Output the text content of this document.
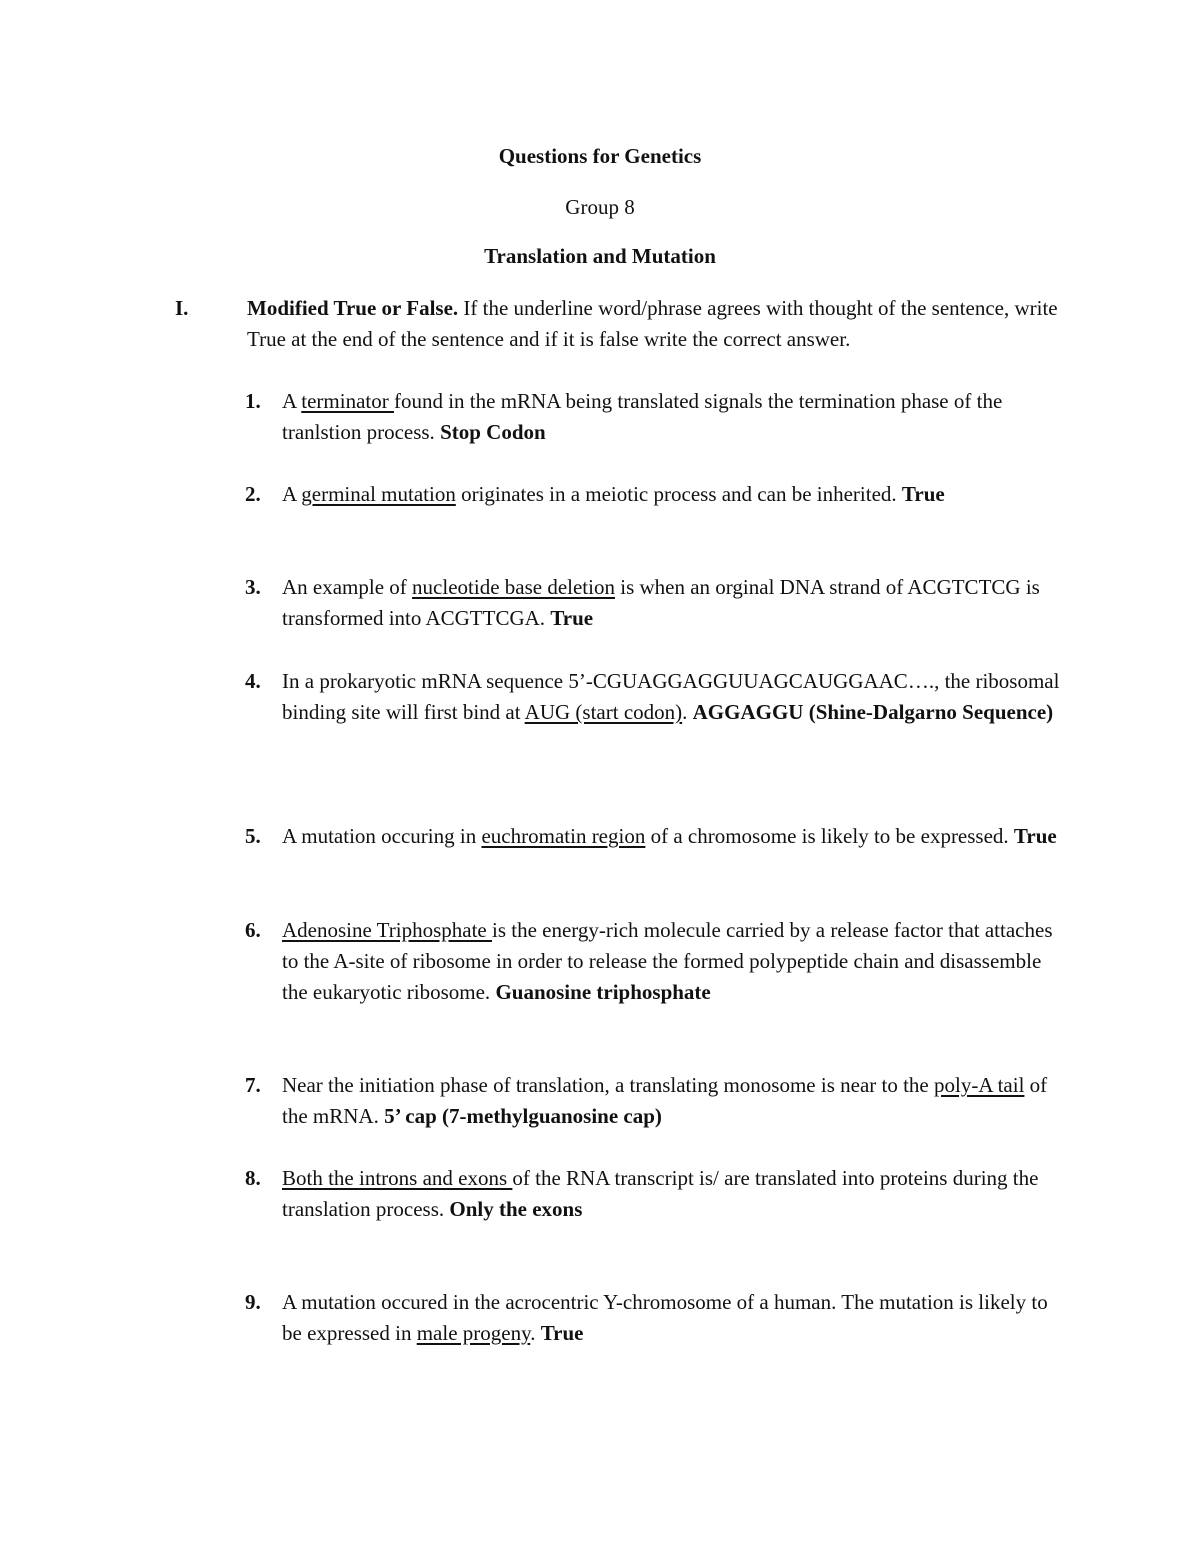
Questions for Genetics
Group 8
Translation and Mutation
I.	Modified True or False. If the underline word/phrase agrees with thought of the sentence, write True at the end of the sentence and if it is false write the correct answer.
1. A terminator found in the mRNA being translated signals the termination phase of the tranlstion process. Stop Codon
2. A germinal mutation originates in a meiotic process and can be inherited. True
3. An example of nucleotide base deletion is when an orginal DNA strand of ACGTCTCG is transformed into ACGTTCGA. True
4. In a prokaryotic mRNA sequence 5’-CGUAGGAGGUUAGCAUGGAAC…., the ribosomal binding site will first bind at AUG (start codon). AGGAGGU (Shine-Dalgarno Sequence)
5. A mutation occuring in euchromatin region of a chromosome is likely to be expressed. True
6. Adenosine Triphosphate is the energy-rich molecule carried by a release factor that attaches to the A-site of ribosome in order to release the formed polypeptide chain and disassemble the eukaryotic ribosome. Guanosine triphosphate
7. Near the initiation phase of translation, a translating monosome is near to the poly-A tail of the mRNA. 5’ cap (7-methylguanosine cap)
8. Both the introns and exons of the RNA transcript is/ are translated into proteins during the translation process. Only the exons
9. A mutation occured in the acrocentric Y-chromosome of a human. The mutation is likely to be expressed in male progeny. True
